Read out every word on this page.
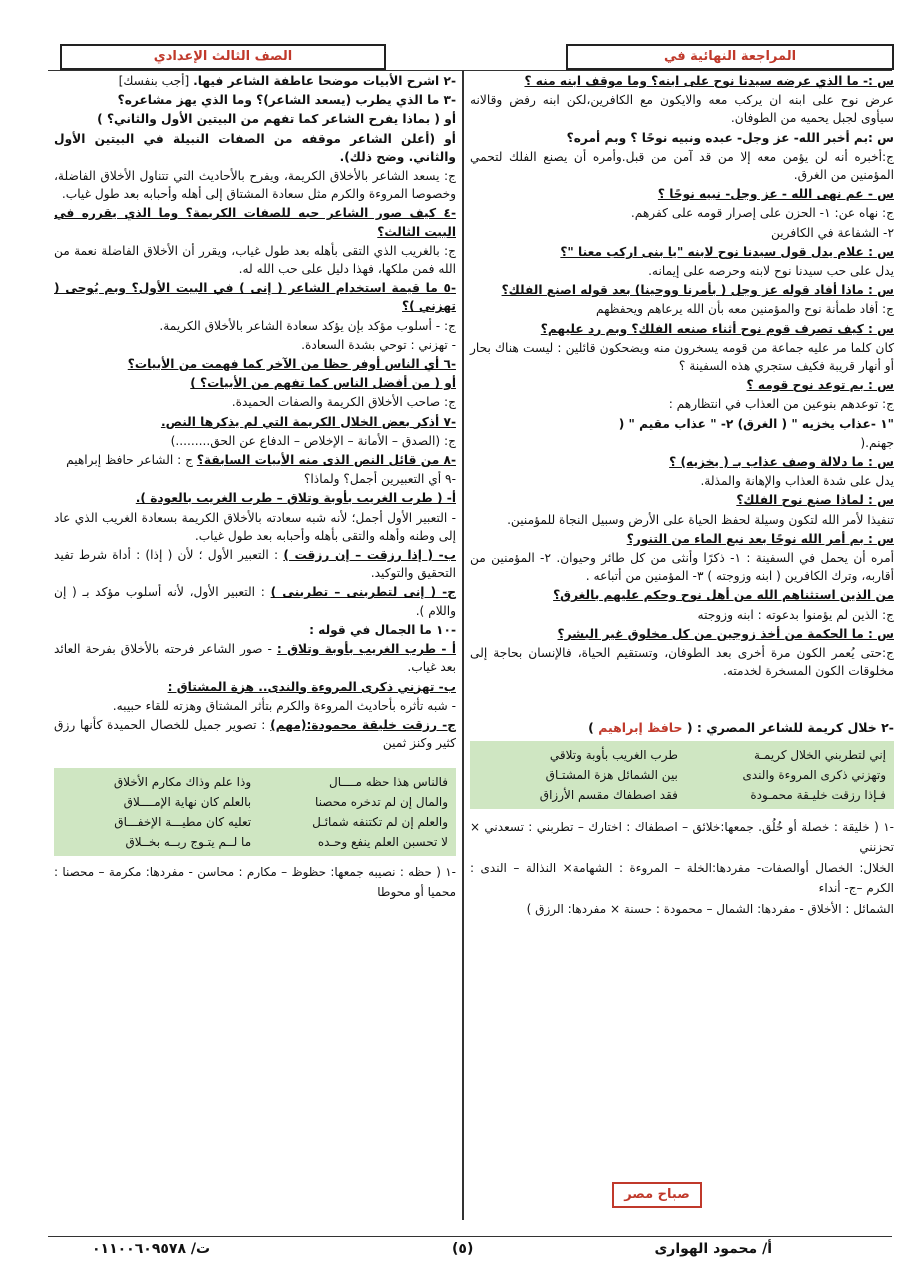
المراجعة النهائية في
الصف الثالث الإعدادي

س :- ما الذي عرضه سيدنا نوح على ابنه؟ وما موقف ابنه منه ؟

عرض نوح على ابنه ان يركب معه والايكون مع الكافرين،لكن ابنه رفض وقالانه سيأوى لجبل يحميه من الطوفان.

س :بم أخبر الله- عز وجل- عبده ونبيه نوحًا ؟ وبم أمره؟

ج:أخبره أنه لن يؤمن معه إلا من قد آمن من قبل.وأمره أن يصنع الفلك لتحمي المؤمنين من الغرق.

س - عم نهى الله - عز وجل- نبيه نوحًا ؟

ج: نهاه عن: ١- الحزن على إصرار قومه على كفرهم.

٢- الشفاعة في الكافرين

س : علام يدل قول سيدنا نوح لابنه "يا بنى اركب معنا "؟

يدل على حب سيدنا نوح لابنه وحرصه على إيمانه.

س : ماذا أفاد قوله عز وجل ( بأمرنا ووحينا) بعد قوله اصنع الفلك؟

ج: أفاد طمأنة نوح والمؤمنين معه بأن الله يرعاهم ويحفظهم

س : كيف تصرف قوم نوح أثناء صنعه الفلك؟ وبم رد عليهم؟

كان كلما مر عليه جماعة من قومه يسخرون منه ويضحكون قائلين : ليست هناك بحار أو أنهار قريبة فكيف ستجري هذه السفينة ؟

س : بم توعد نوح قومه ؟

ج: توعدهم بنوعين من العذاب في انتظارهم :

"١ -عذاب يخزيه " ( الغرق) ٢- " عذاب مقيم " (

جهنم.(

س : ما دلالة وصف عذاب بـ ( يخزيه) ؟

يدل على شدة العذاب والإهانة والمذلة.

س : لماذا صنع نوح الفلك؟

تنفيذا لأمر الله لتكون وسيلة لحفظ الحياة على الأرض وسبيل النجاة للمؤمنين.

س : بم أمر الله نوحًا بعد نبع الماء من التنور؟

أمره أن يحمل في السفينة : ١- ذكرًا وأنثى من كل طائر وحيوان. ٢- المؤمنين من أقاربه، وترك الكافرين ( ابنه وزوجته ) ٣- المؤمنين من أتباعه .

من الذين استثناهم الله من أهل نوح وحكم عليهم بالغرق؟

ج: الذين لم يؤمنوا بدعوته : ابنه وزوجته

س : ما الحكمة من أخذ زوجين من كل مخلوق غير البشر؟

ج:حتى يُعمر الكون مرة أخرى بعد الطوفان، وتستقيم الحياة، فالإنسان بحاجة إلى مخلوقات الكون المسخرة لخدمته.

-٢ خلال كريمة للشاعر المصري : ( حافظ إبراهيم )

إني لتطربني الخلال كريمـة
طرب الغريب بأوبة وتلاقي
وتهزني ذكرى المروءة والندى
بين الشمائل هزة المشتـاق
فـإذا رزقت خليـقة محمـودة
فقد اصطفاك مقسم الأرزاق

-١ ( خليقة : خصلة أو خُلُق. جمعها:خلائق – اصطفاك : اختارك – تطربني : تسعدني × تحزنني

الخلال: الخصال أوالصفات- مفردها:الخلة – المروءة : الشهامة× النذالة – الندى : الكرم –ج- أنداء

الشمائل : الأخلاق - مفردها: الشمال – محمودة : حسنة × مفردها: الرزق )

-٢ اشرح الأبيات موضحا عاطفة الشاعر فيها. [أجب بنفسك]

-٣ ما الذي يطرب (يسعد الشاعر)؟ وما الذي يهز مشاعره؟

أو ( بماذا يفرح الشاعر كما تفهم من البيتين الأول والثاني؟ )

أو (أعلن الشاعر موقفه من الصفات النبيلة في البيتين الأول والثاني. وضح ذلك).

ج: يسعد الشاعر بالأخلاق الكريمة، ويفرح بالأحاديث التي تتناول الأخلاق الفاضلة، وخصوصا المروءة والكرم مثل سعادة المشتاق إلى أهله وأحبابه بعد طول غياب.

-٤ كيف صور الشاعر حبه للصفات الكريمة؟ وما الذي يقرره في البيت الثالث؟

ج: بالغريب الذي التقى بأهله بعد طول غياب، ويقرر أن الأخلاق الفاضلة نعمة من الله فمن ملكها، فهذا دليل على حب الله له.

-٥ ما قيمة استخدام الشاعر ( إنى ) في البيت الأول؟ وبم يُوحى ( تهزني )؟

ج: - أسلوب مؤكد بإن يؤكد سعادة الشاعر بالأخلاق الكريمة.

- تهزني : توحي بشدة السعادة.

-٦ أي الناس أوفر حظا من الآخر كما فهمت من الأبيات؟

أو ( من أفضل الناس كما تفهم من الأبيات؟ )

ج: صاحب الأخلاق الكريمة والصفات الحميدة.

-٧ أذكر بعض الخلال الكريمة التي لم يذكرها النص.

ج: (الصدق – الأمانة – الإخلاص – الدفاع عن الحق.........)

-٨ من قائل النص الذى منه الأبيات السابقة؟ ج : الشاعر حافظ إبراهيم

-٩ أي التعبيرين أجمل؟ ولماذا؟

أ- ( طرب الغريب بأوبة وتلاق – طرب الغريب بالعودة ).

- التعبير الأول أجمل؛ لأنه شبه سعادته بالأخلاق الكريمة بسعادة الغريب الذي عاد إلى وطنه وأهله والتقى بأهله وأحبابه بعد طول غياب.

ب- ( إذا رزقت – إن رزقت ) : التعبير الأول ؛ لأن ( إذا) : أداة شرط تفيد التحقيق والتوكيد.

ج- ( إنى لتطربنى – تطربنى ) : التعبير الأول، لأنه أسلوب مؤكد بـ ( إن واللام ).

-١٠ ما الجمال في قوله :

أ - طرب الغريب بأوبة وتلاق : - صور الشاعر فرحته بالأخلاق بفرحة العائد بعد غياب.

ب- تهزني ذكرى المروءة والندى.. هزة المشتاق :

- شبه تأثره بأحاديث المروءة والكرم بتأثر المشتاق وهزته للقاء حبيبه.

ج- رزقت خليقة محمودة:(مهم) : تصوير جميل للخصال الحميدة كأنها رزق كثير وكنز ثمين

فالناس هذا حظه مــــال
وذا علم وذاك مكارم الأخلاق
والمال إن لم تدخره محصنا
بالعلم كان نهاية الإمــــلاق
والعلم إن لم تكتنفه شمائـل
تعليه كان مطيـــة الإخفـــاق
لا تحسبن العلم ينفع وحـده
ما لــم يتـوج ربــه بخــلاق

-١ ( حظه : نصيبه جمعها: حظوظ – مكارم : محاسن - مفردها: مكرمة – محصنا : محميا أو محوطا

صباح مصر
أ/ محمود الهوارى
(٥)
ت/ ٠١١٠٠٦٠٩٥٧٨
